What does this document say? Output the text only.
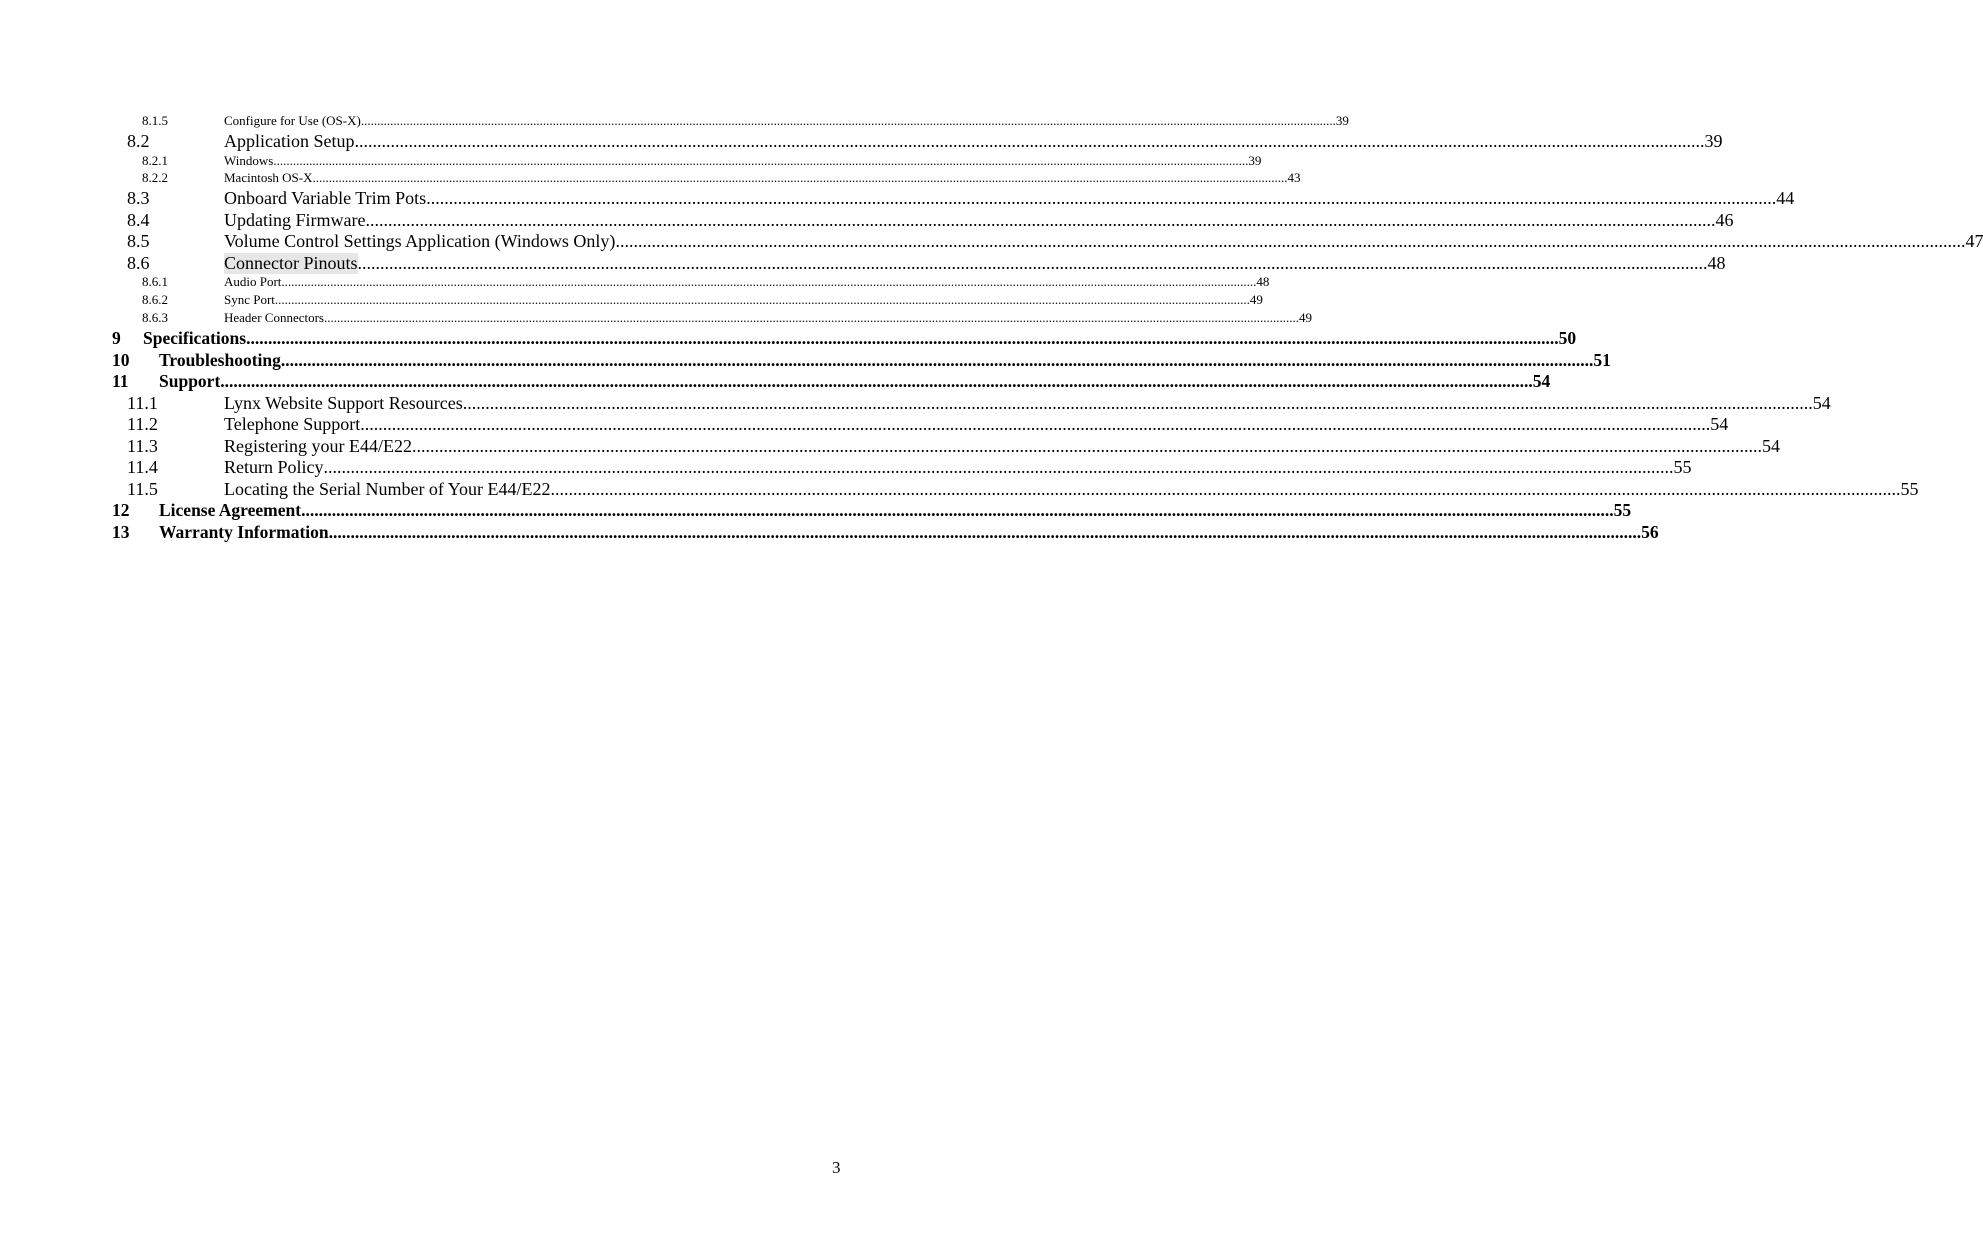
8.1.5	Configure for Use (OS-X) ............................................................................................................................................................................................................................................................................................................ 39
8.2	Application Setup ............................................................................................................................................................................................................................................................................................................ 39
8.2.1	Windows ............................................................................................................................................................................................................................................................................................................ 39
8.2.2	Macintosh OS-X ............................................................................................................................................................................................................................................................................................................ 43
8.3	Onboard Variable Trim Pots ............................................................................................................................................................................................................................................................................................................ 44
8.4	Updating Firmware ............................................................................................................................................................................................................................................................................................................ 46
8.5	Volume Control Settings Application (Windows Only) ............................................................................................................................................................................................................................................................................................................ 47
8.6	Connector Pinouts ............................................................................................................................................................................................................................................................................................................ 48
8.6.1	Audio Port ............................................................................................................................................................................................................................................................................................................ 48
8.6.2	Sync Port ............................................................................................................................................................................................................................................................................................................ 49
8.6.3	Header Connectors ............................................................................................................................................................................................................................................................................................................ 49
9 Specifications ............................................................................................................................................................................................................................................................................................................ 50
10 Troubleshooting ............................................................................................................................................................................................................................................................................................................ 51
11 Support ............................................................................................................................................................................................................................................................................................................ 54
11.1	Lynx Website Support Resources ............................................................................................................................................................................................................................................................................................................ 54
11.2	Telephone Support ............................................................................................................................................................................................................................................................................................................ 54
11.3	Registering your E44/E22 ............................................................................................................................................................................................................................................................................................................ 54
11.4	Return Policy ............................................................................................................................................................................................................................................................................................................ 55
11.5	Locating the Serial Number of Your E44/E22 ............................................................................................................................................................................................................................................................................................................ 55
12 License Agreement ............................................................................................................................................................................................................................................................................................................ 55
13 Warranty Information ............................................................................................................................................................................................................................................................................................................ 56
3
